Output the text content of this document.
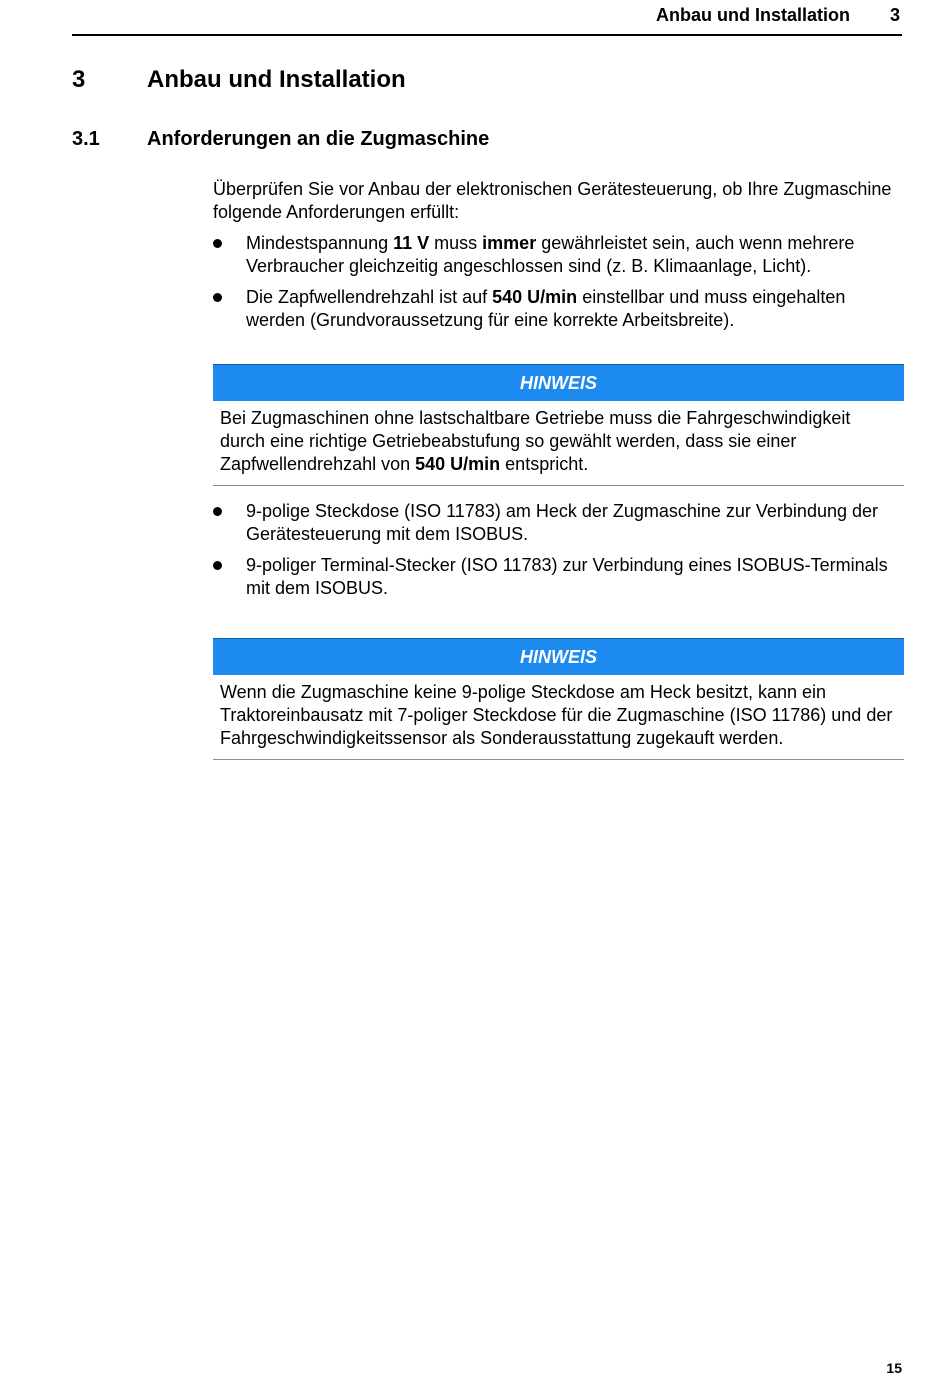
Anbau und Installation 3
3	Anbau und Installation
3.1 Anforderungen an die Zugmaschine

Überprüfen Sie vor Anbau der elektronischen Gerätesteuerung, ob Ihre Zugmaschine folgende Anforderungen erfüllt:

Mindestspannung 11 V muss immer gewährleistet sein, auch wenn mehrere Verbraucher gleichzeitig angeschlossen sind (z. B. Klimaanlage, Licht).
Die Zapfwellendrehzahl ist auf 540 U/min einstellbar und muss eingehalten werden (Grundvoraussetzung für eine korrekte Arbeitsbreite).
HINWEIS
Bei Zugmaschinen ohne lastschaltbare Getriebe muss die Fahrgeschwindigkeit durch eine richtige Getriebeabstufung so gewählt werden, dass sie einer Zapfwellendrehzahl von 540 U/min entspricht.
9-polige Steckdose (ISO 11783) am Heck der Zugmaschine zur Verbindung der Gerätesteuerung mit dem ISOBUS.
9-poliger Terminal-Stecker (ISO 11783) zur Verbindung eines ISOBUS-Terminals mit dem ISOBUS.
HINWEIS
Wenn die Zugmaschine keine 9-polige Steckdose am Heck besitzt, kann ein Traktoreinbausatz mit 7-poliger Steckdose für die Zugmaschine (ISO 11786) und der Fahrgeschwindigkeitssensor als Sonderausstattung zugekauft werden.
15
